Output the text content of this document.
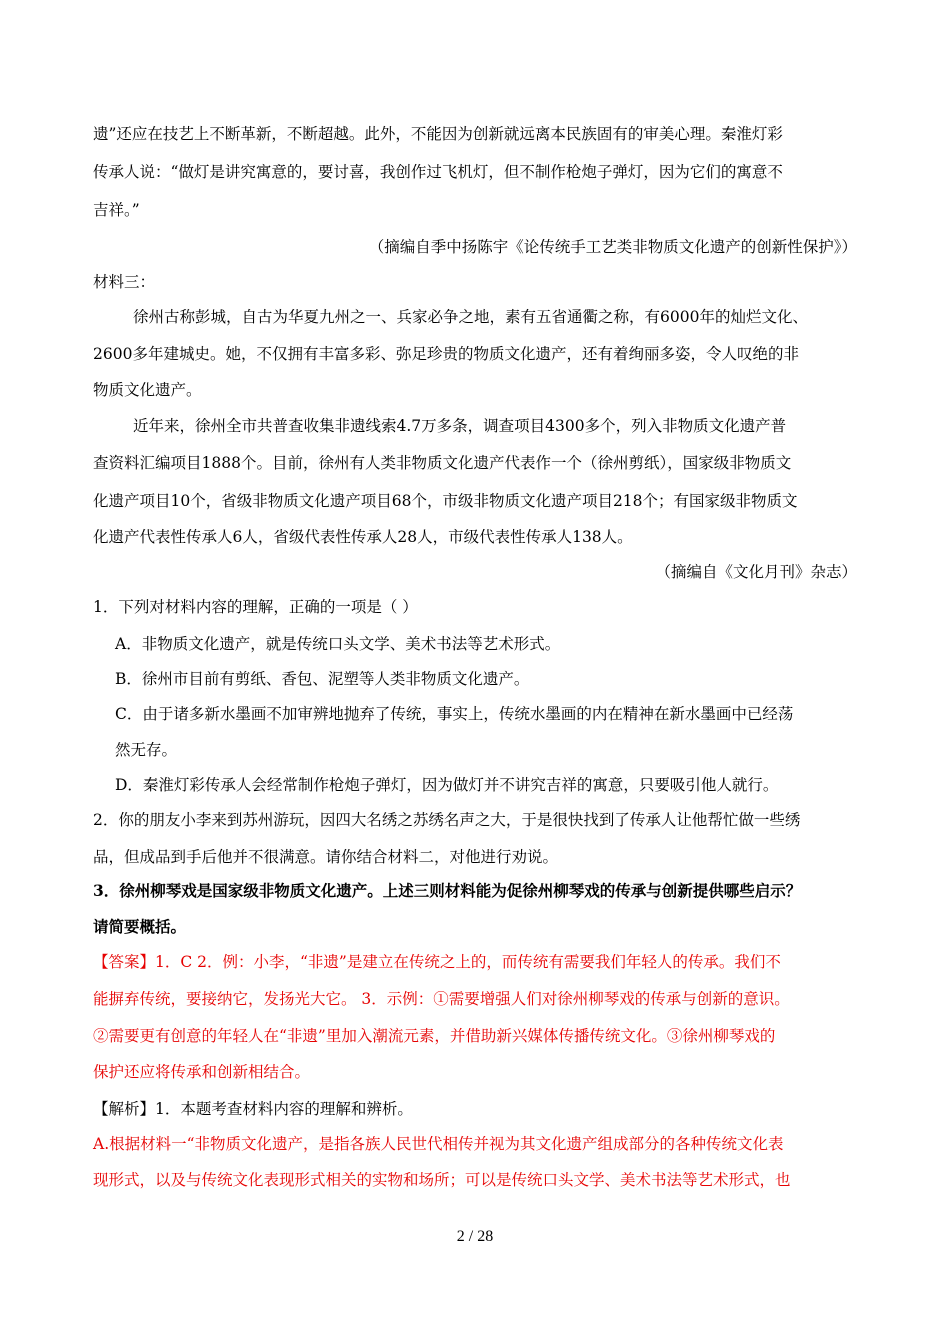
遗”还应在技艺上不断革新，不断超越。此外，不能因为创新就远离本民族固有的审美心理。秦淮灯彩
传承人说：“做灯是讲究寓意的，要讨喜，我创作过飞机灯，但不制作枪炮子弹灯，因为它们的寓意不
吉祥。”
（摘编自季中扬陈宇《论传统手工艺类非物质文化遗产的创新性保护》）
材料三：
徐州古称彭城，自古为华夏九州之一、兵家必争之地，素有五省通衢之称，有6000年的灿烂文化、
2600多年建城史。她，不仅拥有丰富多彩、弥足珍贵的物质文化遗产，还有着绚丽多姿，令人叹绝的非
物质文化遗产。
近年来，徐州全市共普查收集非遗线索4.7万多条，调查项目4300多个，列入非物质文化遗产普
查资料汇编项目1888个。目前，徐州有人类非物质文化遗产代表作一个（徐州剪纸），国家级非物质文
化遗产项目10个，省级非物质文化遗产项目68个，市级非物质文化遗产项目218个；有国家级非物质文
化遗产代表性传承人6人，省级代表性传承人28人，市级代表性传承人138人。
（摘编自《文化月刊》杂志）
1．下列对材料内容的理解，正确的一项是（ ）
A．非物质文化遗产，就是传统口头文学、美术书法等艺术形式。
B．徐州市目前有剪纸、香包、泥塑等人类非物质文化遗产。
C．由于诸多新水墨画不加审辨地抛弃了传统，事实上，传统水墨画的内在精神在新水墨画中已经荡
然无存。
D．秦淮灯彩传承人会经常制作枪炮子弹灯，因为做灯并不讲究吉祥的寓意，只要吸引他人就行。
2．你的朋友小李来到苏州游玩，因四大名绣之苏绣名声之大，于是很快找到了传承人让他帮忙做一些绣
品，但成品到手后他并不很满意。请你结合材料二，对他进行劝说。
3．徐州柳琴戏是国家级非物质文化遗产。上述三则材料能为促徐州柳琴戏的传承与创新提供哪些启示？
请简要概括。
【答案】1．C 2．例：小李，“非遗”是建立在传统之上的，而传统有需要我们年轻人的传承。我们不
能摒弃传统，要接纳它，发扬光大它。 3．示例：①需要增强人们对徐州柳琴戏的传承与创新的意识。
②需要更有创意的年轻人在“非遗”里加入潮流元素，并借助新兴媒体传播传统文化。③徐州柳琴戏的
保护还应将传承和创新相结合。
【解析】1．本题考查材料内容的理解和辨析。
A.根据材料一“非物质文化遗产，是指各族人民世代相传并视为其文化遗产组成部分的各种传统文化表
现形式，以及与传统文化表现形式相关的实物和场所；可以是传统口头文学、美术书法等艺术形式，也
2 / 28
